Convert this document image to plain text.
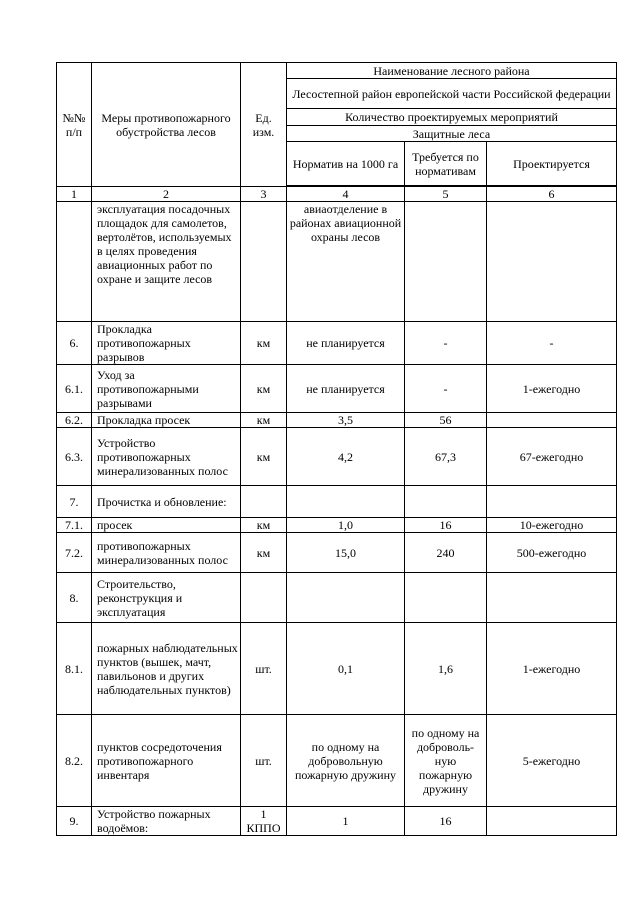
№№ п/п	Меры противопожарного обустройства лесов	Ед. изм.	Наименование лесного района		
			Лесостепной район европейской части Российской федерации		
			Количество проектируемых мероприятий		
			Защитные леса		
			Норматив на 1000 га	Требуется по нормативам	Проектируется

1	2	3	4	5	6
	эксплуатация посадочных площадок для самолетов, вертолётов, используемых в целях проведения авиационных работ по охране и защите лесов		авиаотделение в районах авиационной охраны лесов		
6.	Прокладка противопожарных разрывов	км	не планируется	-	-
6.1.	Уход за противопожарными разрывами	км	не планируется	-	1-ежегодно
6.2.	Прокладка просек	км	3,5	56	
6.3.	Устройство противопожарных минерализованных полос	км	4,2	67,3	67-ежегодно
7.	Прочистка и обновление:				
7.1.	просек	км	1,0	16	10-ежегодно
7.2.	противопожарных минерализованных полос	км	15,0	240	500-ежегодно
8.	Строительство, реконструкция и эксплуатация				
8.1.	пожарных наблюдательных пунктов (вышек, мачт, павильонов и других наблюдательных пунктов)	шт.	0,1	1,6	1-ежегодно
8.2.	пунктов сосредоточения противопожарного инвентаря	шт.	по одному на добровольную пожарную дружину	по одному на доброволь-ную пожарную дружину	5-ежегодно
9.	Устройство пожарных водоёмов:	1 КППО	1	16	
